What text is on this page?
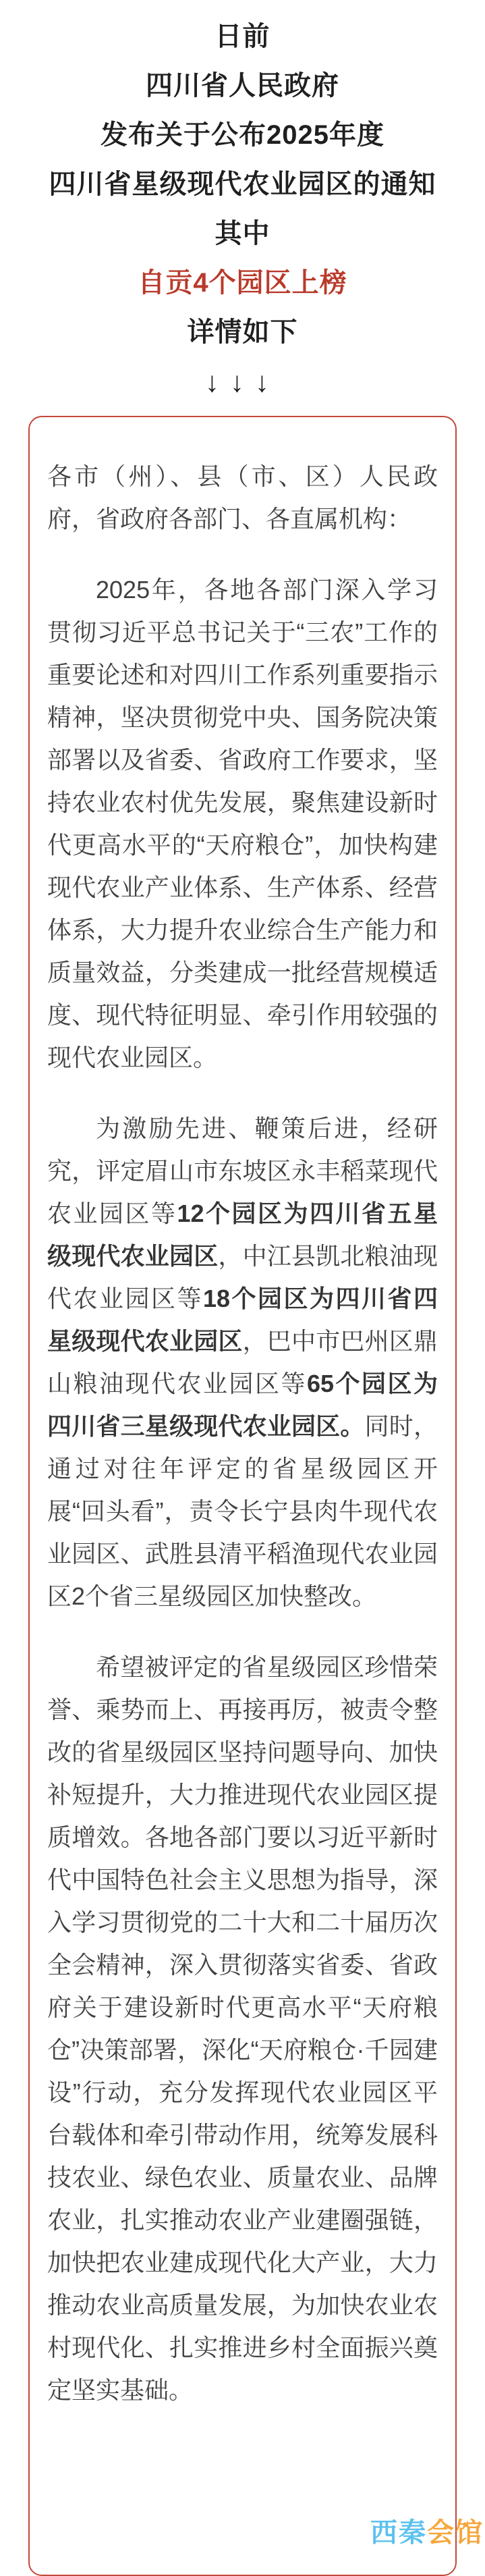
日前
四川省人民政府
发布关于公布2025年度
四川省星级现代农业园区的通知
其中
自贡4个园区上榜
详情如下
↓↓↓

各市（州）、县（市、区）人民政府，省政府各部门、各直属机构：

2025年，各地各部门深入学习贯彻习近平总书记关于“三农”工作的重要论述和对四川工作系列重要指示精神，坚决贯彻党中央、国务院决策部署以及省委、省政府工作要求，坚持农业农村优先发展，聚焦建设新时代更高水平的“天府粮仓”，加快构建现代农业产业体系、生产体系、经营体系，大力提升农业综合生产能力和质量效益，分类建成一批经营规模适度、现代特征明显、牵引作用较强的现代农业园区。

为激励先进、鞭策后进，经研究，评定眉山市东坡区永丰稻菜现代农业园区等12个园区为四川省五星级现代农业园区，中江县凯北粮油现代农业园区等18个园区为四川省四星级现代农业园区，巴中市巴州区鼎山粮油现代农业园区等65个园区为四川省三星级现代农业园区。同时，通过对往年评定的省星级园区开展“回头看”，责令长宁县肉牛现代农业园区、武胜县清平稻渔现代农业园区2个省三星级园区加快整改。

希望被评定的省星级园区珍惜荣誉、乘势而上、再接再厉，被责令整改的省星级园区坚持问题导向、加快补短提升，大力推进现代农业园区提质增效。各地各部门要以习近平新时代中国特色社会主义思想为指导，深入学习贯彻党的二十大和二十届历次全会精神，深入贯彻落实省委、省政府关于建设新时代更高水平“天府粮仓”决策部署，深化“天府粮仓·千园建设”行动，充分发挥现代农业园区平台载体和牵引带动作用，统筹发展科技农业、绿色农业、质量农业、品牌农业，扎实推动农业产业建圈强链，加快把农业建成现代化大产业，大力推动农业高质量发展，为加快农业农村现代化、扎实推进乡村全面振兴奠定坚实基础。

西秦会馆
